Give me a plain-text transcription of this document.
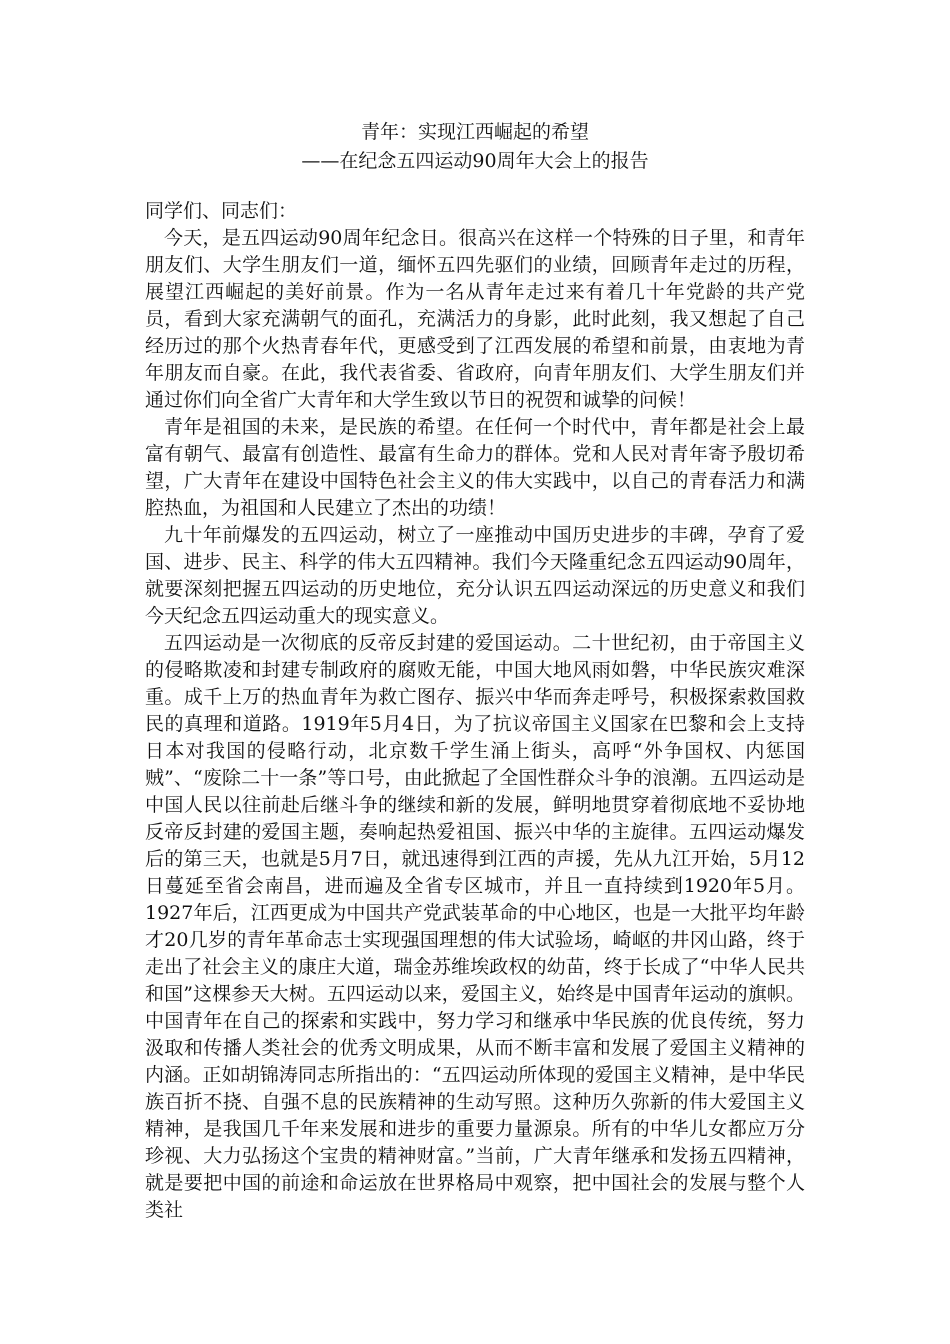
青年：实现江西崛起的希望
——在纪念五四运动90周年大会上的报告

同学们、同志们：

今天，是五四运动90周年纪念日。很高兴在这样一个特殊的日子里，和青年朋友们、大学生朋友们一道，缅怀五四先驱们的业绩，回顾青年走过的历程，展望江西崛起的美好前景。作为一名从青年走过来有着几十年党龄的共产党员，看到大家充满朝气的面孔，充满活力的身影，此时此刻，我又想起了自己经历过的那个火热青春年代，更感受到了江西发展的希望和前景，由衷地为青年朋友而自豪。在此，我代表省委、省政府，向青年朋友们、大学生朋友们并通过你们向全省广大青年和大学生致以节日的祝贺和诚挚的问候！

青年是祖国的未来，是民族的希望。在任何一个时代中，青年都是社会上最富有朝气、最富有创造性、最富有生命力的群体。党和人民对青年寄予殷切希望，广大青年在建设中国特色社会主义的伟大实践中，以自己的青春活力和满腔热血，为祖国和人民建立了杰出的功绩！

九十年前爆发的五四运动，树立了一座推动中国历史进步的丰碑，孕育了爱国、进步、民主、科学的伟大五四精神。我们今天隆重纪念五四运动90周年，就要深刻把握五四运动的历史地位，充分认识五四运动深远的历史意义和我们今天纪念五四运动重大的现实意义。

五四运动是一次彻底的反帝反封建的爱国运动。二十世纪初，由于帝国主义的侵略欺凌和封建专制政府的腐败无能，中国大地风雨如磐，中华民族灾难深重。成千上万的热血青年为救亡图存、振兴中华而奔走呼号，积极探索救国救民的真理和道路。1919年5月4日，为了抗议帝国主义国家在巴黎和会上支持日本对我国的侵略行动，北京数千学生涌上街头，高呼“外争国权、内惩国贼”、“废除二十一条”等口号，由此掀起了全国性群众斗争的浪潮。五四运动是中国人民以往前赴后继斗争的继续和新的发展，鲜明地贯穿着彻底地不妥协地反帝反封建的爱国主题，奏响起热爱祖国、振兴中华的主旋律。五四运动爆发后的第三天，也就是5月7日，就迅速得到江西的声援，先从九江开始，5月12日蔓延至省会南昌，进而遍及全省专区城市，并且一直持续到1920年5月。1927年后，江西更成为中国共产党武装革命的中心地区，也是一大批平均年龄才20几岁的青年革命志士实现强国理想的伟大试验场，崎岖的井冈山路，终于走出了社会主义的康庄大道，瑞金苏维埃政权的幼苗，终于长成了“中华人民共和国”这棵参天大树。五四运动以来，爱国主义，始终是中国青年运动的旗帜。中国青年在自己的探索和实践中，努力学习和继承中华民族的优良传统，努力汲取和传播人类社会的优秀文明成果，从而不断丰富和发展了爱国主义精神的内涵。正如胡锦涛同志所指出的：“五四运动所体现的爱国主义精神，是中华民族百折不挠、自强不息的民族精神的生动写照。这种历久弥新的伟大爱国主义精神，是我国几千年来发展和进步的重要力量源泉。所有的中华儿女都应万分珍视、大力弘扬这个宝贵的精神财富。”当前，广大青年继承和发扬五四精神，就是要把中国的前途和命运放在世界格局中观察，把中国社会的发展与整个人类社
